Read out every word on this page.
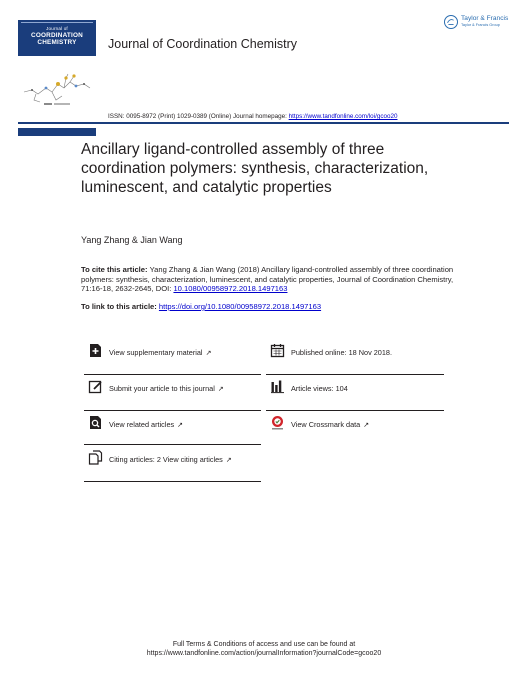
Journal of
COORDINATION
CHEMISTRY	Journal of Coordination Chemistry
Taylor & Francis
Taylor & Francis Group
ISSN: 0095-8972 (Print) 1029-0389 (Online) Journal homepage: https://www.tandfonline.com/loi/gcoo20
Ancillary ligand-controlled assembly of three coordination polymers: synthesis, characterization, luminescent, and catalytic properties
Yang Zhang & Jian Wang
To cite this article: Yang Zhang & Jian Wang (2018) Ancillary ligand-controlled assembly of three coordination polymers: synthesis, characterization, luminescent, and catalytic properties, Journal of Coordination Chemistry, 71:16-18, 2632-2645, DOI: 10.1080/00958972.2018.1497163
To link to this article: https://doi.org/10.1080/00958972.2018.1497163
View supplementary material ↗
Submit your article to this journal ↗
View related articles ↗
Citing articles: 2 View citing articles ↗
Published online: 18 Nov 2018.
Article views: 104
View Crossmark data ↗
Full Terms & Conditions of access and use can be found at
https://www.tandfonline.com/action/journalInformation?journalCode=gcoo20
